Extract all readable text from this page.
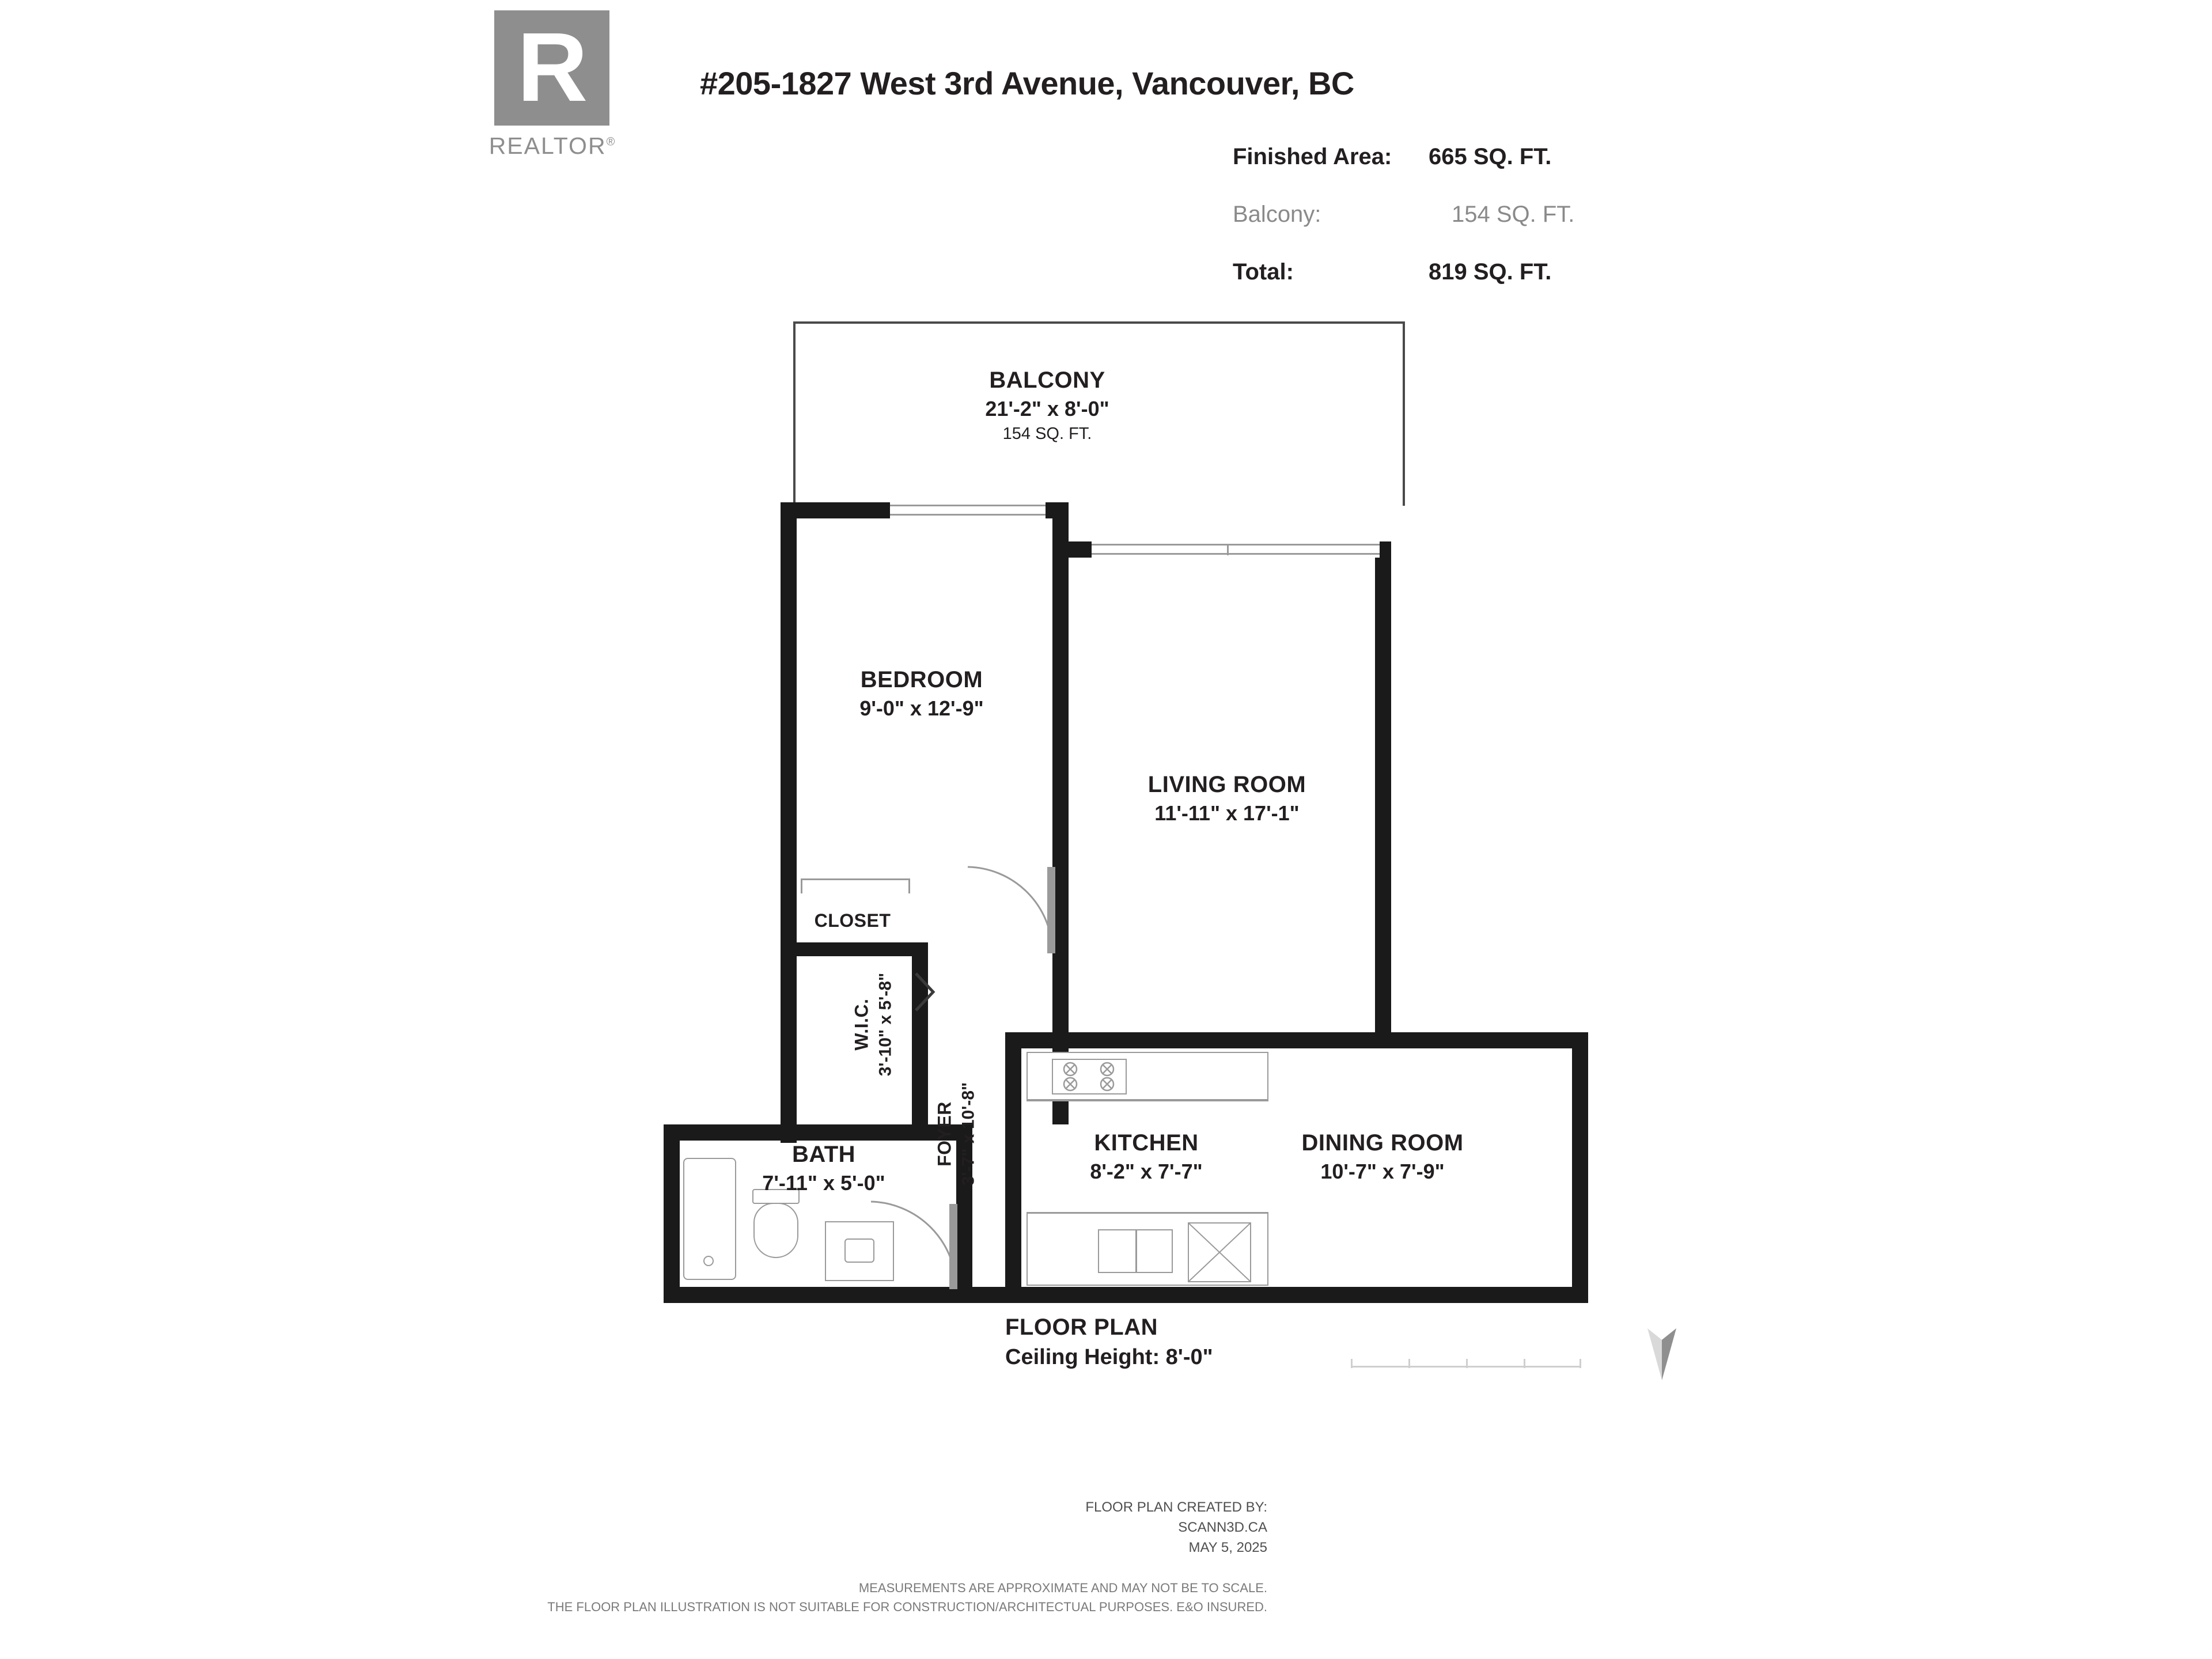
R
REALTOR®
#205-1827 West 3rd Avenue, Vancouver, BC
Finished Area: 665 SQ. FT.
Balcony:	154 SQ. FT.
Total:	819 SQ. FT.
BALCONY
21'-2" x 8'-0"
154 SQ. FT.
BEDROOM
9'-0" x 12'-9"
LIVING ROOM
11'-11" x 17'-1"
CLOSET
W.I.C. 3'-10" x 5'-8"
FOYER 3'-7" x 10'-8"
BATH
7'-11" x 5'-0"
KITCHEN
8'-2" x 7'-7"
DINING ROOM
10'-7" x 7'-9"
FLOOR PLAN
Ceiling Height: 8'-0"
FLOOR PLAN CREATED BY:
SCANN3D.CA
MAY 5, 2025
MEASUREMENTS ARE APPROXIMATE AND MAY NOT BE TO SCALE.
THE FLOOR PLAN ILLUSTRATION IS NOT SUITABLE FOR CONSTRUCTION/ARCHITECTUAL PURPOSES. E&O INSURED.
